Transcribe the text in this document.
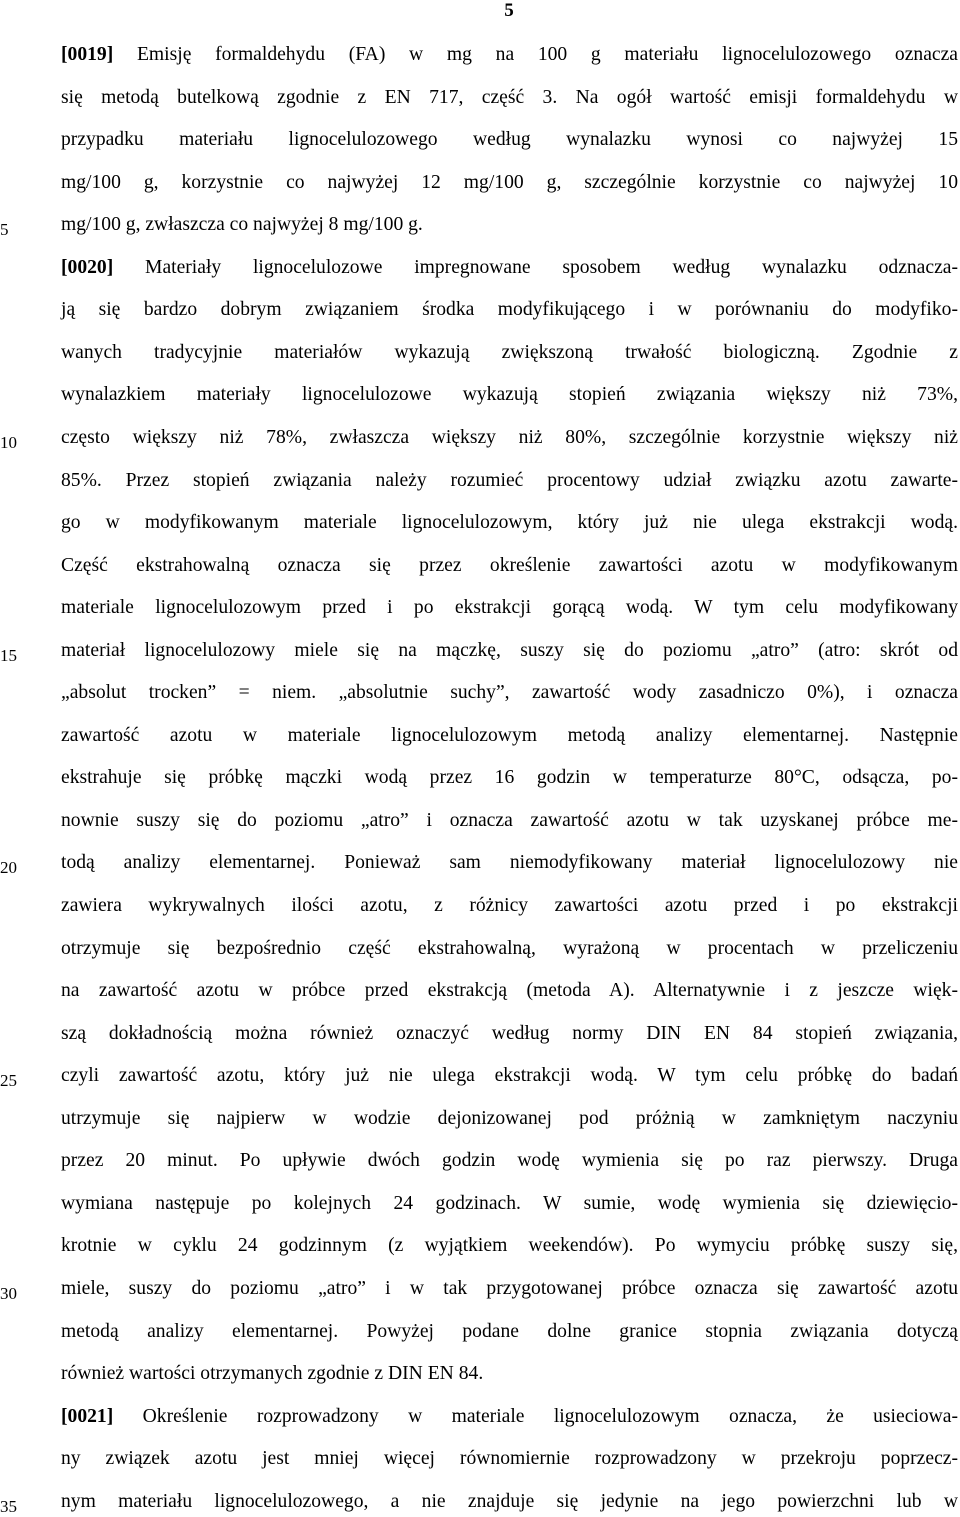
5
5
10
15
20
25
30
35
[0019] Emisję formaldehydu (FA) w mg na 100 g materiału lignocelulozowego oznacza
się metodą butelkową zgodnie z EN 717, część 3. Na ogół wartość emisji formaldehydu w
przypadku materiału lignocelulozowego według wynalazku wynosi co najwyżej 15
mg/100 g, korzystnie co najwyżej 12 mg/100 g, szczególnie korzystnie co najwyżej 10
mg/100 g, zwłaszcza co najwyżej 8 mg/100 g.
[0020] Materiały lignocelulozowe impregnowane sposobem według wynalazku odznacza-
ją się bardzo dobrym związaniem środka modyfikującego i w porównaniu do modyfiko-
wanych tradycyjnie materiałów wykazują zwiększoną trwałość biologiczną. Zgodnie z
wynalazkiem materiały lignocelulozowe wykazują stopień związania większy niż 73%,
często większy niż 78%, zwłaszcza większy niż 80%, szczególnie korzystnie większy niż
85%. Przez stopień związania należy rozumieć procentowy udział związku azotu zawarte-
go w modyfikowanym materiale lignocelulozowym, który już nie ulega ekstrakcji wodą.
Część ekstrahowalną oznacza się przez określenie zawartości azotu w modyfikowanym
materiale lignocelulozowym przed i po ekstrakcji gorącą wodą. W tym celu modyfikowany
materiał lignocelulozowy miele się na mączkę, suszy się do poziomu „atro” (atro: skrót od
„absolut trocken” = niem. „absolutnie suchy”, zawartość wody zasadniczo 0%), i oznacza
zawartość azotu w materiale lignocelulozowym metodą analizy elementarnej. Następnie
ekstrahuje się próbkę mączki wodą przez 16 godzin w temperaturze 80°C, odsącza, po-
nownie suszy się do poziomu „atro” i oznacza zawartość azotu w tak uzyskanej próbce me-
todą analizy elementarnej. Ponieważ sam niemodyfikowany materiał lignocelulozowy nie
zawiera wykrywalnych ilości azotu, z różnicy zawartości azotu przed i po ekstrakcji
otrzymuje się bezpośrednio część ekstrahowalną, wyrażoną w procentach w przeliczeniu
na zawartość azotu w próbce przed ekstrakcją (metoda A). Alternatywnie i z jeszcze więk-
szą dokładnością można również oznaczyć według normy DIN EN 84 stopień związania,
czyli zawartość azotu, który już nie ulega ekstrakcji wodą. W tym celu próbkę do badań
utrzymuje się najpierw w wodzie dejonizowanej pod próżnią w zamkniętym naczyniu
przez 20 minut. Po upływie dwóch godzin wodę wymienia się po raz pierwszy. Druga
wymiana następuje po kolejnych 24 godzinach. W sumie, wodę wymienia się dziewięcio-
krotnie w cyklu 24 godzinnym (z wyjątkiem weekendów). Po wymyciu próbkę suszy się,
miele, suszy do poziomu „atro” i w tak przygotowanej próbce oznacza się zawartość azotu
metodą analizy elementarnej. Powyżej podane dolne granice stopnia związania dotyczą
również wartości otrzymanych zgodnie z DIN EN 84.
[0021] Określenie rozprowadzony w materiale lignocelulozowym oznacza, że usieciowa-
ny związek azotu jest mniej więcej równomiernie rozprowadzony w przekroju poprzecz-
nym materiału lignocelulozowego, a nie znajduje się jedynie na jego powierzchni lub w
